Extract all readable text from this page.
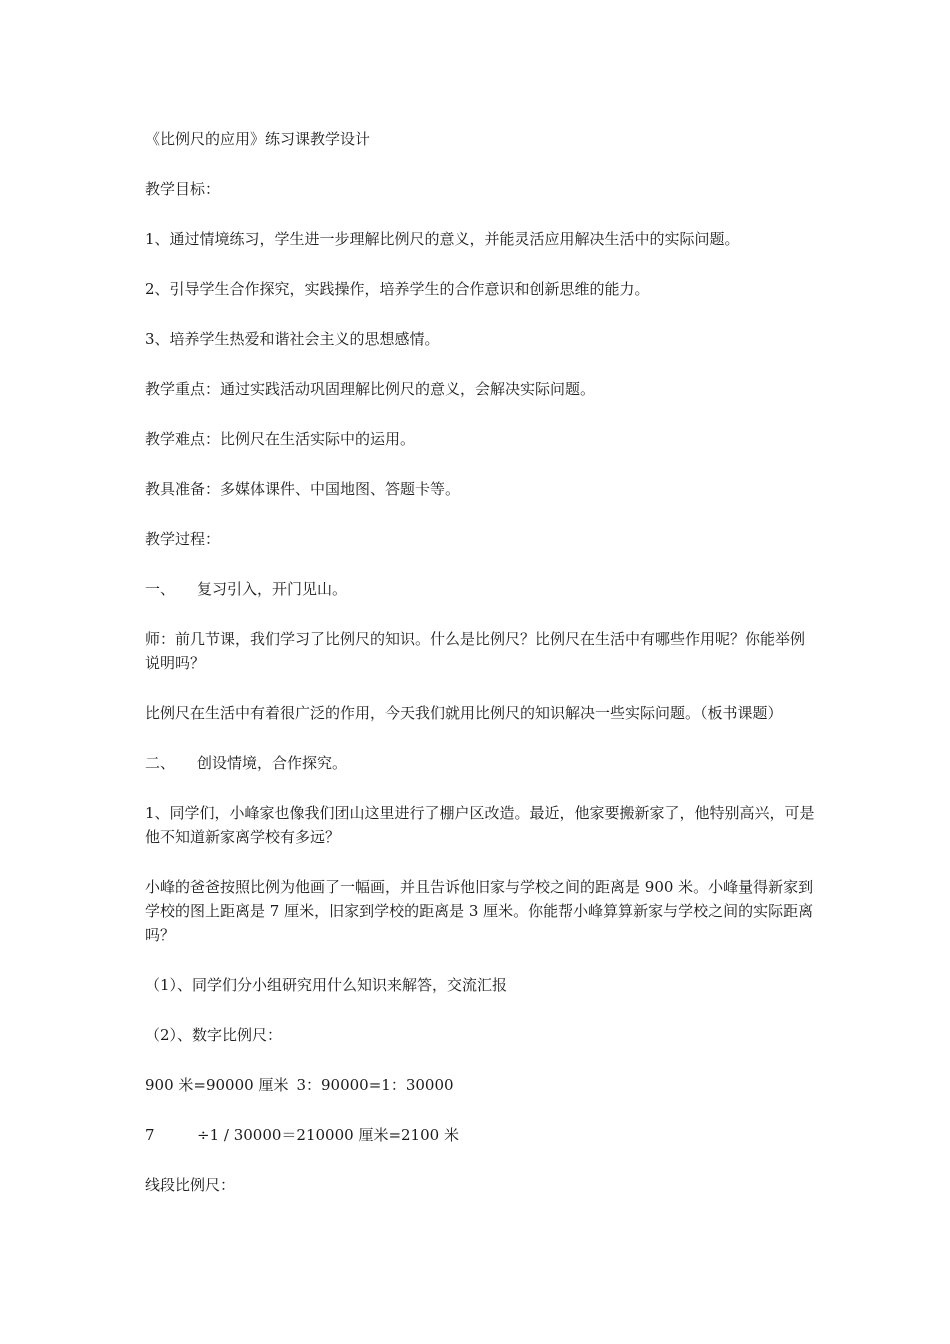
《比例尺的应用》练习课教学设计

教学目标：

1、通过情境练习，学生进一步理解比例尺的意义，并能灵活应用解决生活中的实际问题。

2、引导学生合作探究，实践操作，培养学生的合作意识和创新思维的能力。

3、培养学生热爱和谐社会主义的思想感情。

教学重点：通过实践活动巩固理解比例尺的意义，会解决实际问题。

教学难点：比例尺在生活实际中的运用。

教具准备：多媒体课件、中国地图、答题卡等。

教学过程：

一、	复习引入，开门见山。

师：前几节课，我们学习了比例尺的知识。什么是比例尺？比例尺在生活中有哪些作用呢？你能举例说明吗？

比例尺在生活中有着很广泛的作用，今天我们就用比例尺的知识解决一些实际问题。（板书课题）

二、	创设情境，合作探究。

1、同学们，小峰家也像我们团山这里进行了棚户区改造。最近，他家要搬新家了，他特别高兴，可是他不知道新家离学校有多远？

小峰的爸爸按照比例为他画了一幅画，并且告诉他旧家与学校之间的距离是 900 米。小峰量得新家到学校的图上距离是 7 厘米，旧家到学校的距离是 3 厘米。你能帮小峰算算新家与学校之间的实际距离吗？

（1）、同学们分小组研究用什么知识来解答，交流汇报

（2）、数字比例尺：

900 米=90000 厘米 3：90000=1：30000

7	÷1 / 30000＝210000 厘米=2100 米

线段比例尺：
